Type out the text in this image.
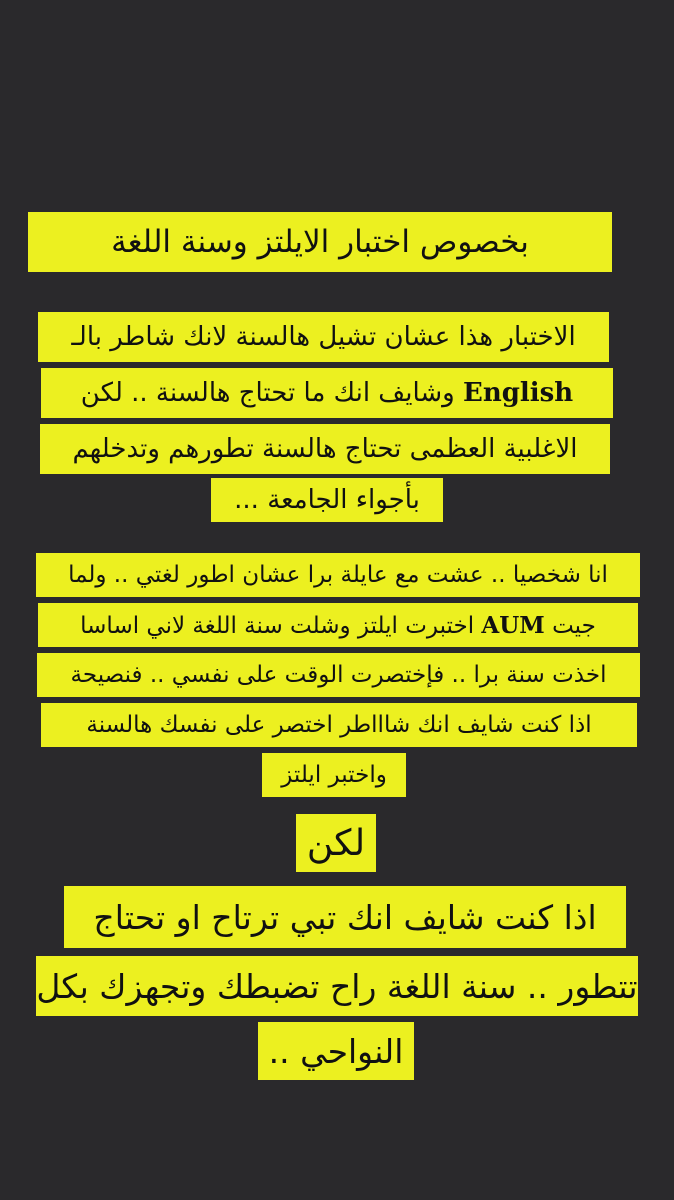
بخصوص اختبار الايلتز وسنة اللغة
الاختبار هذا عشان تشيل هالسنة لانك شاطر بالـ
English وشايف انك ما تحتاج هالسنة .. لكن
الاغلبية العظمى تحتاج هالسنة تطورهم وتدخلهم
بأجواء الجامعة ...
انا شخصيا .. عشت مع عايلة برا عشان اطور لغتي .. ولما
جيت AUM اختبرت ايلتز وشلت سنة اللغة لاني اساسا
اخذت سنة برا .. فإختصرت الوقت على نفسي .. فنصيحة
اذا كنت شايف انك شاااطر اختصر على نفسك هالسنة
واختبر ايلتز
لكن
اذا كنت شايف انك تبي ترتاح او تحتاج
تتطور .. سنة اللغة راح تضبطك وتجهزك بكل
النواحي ..
